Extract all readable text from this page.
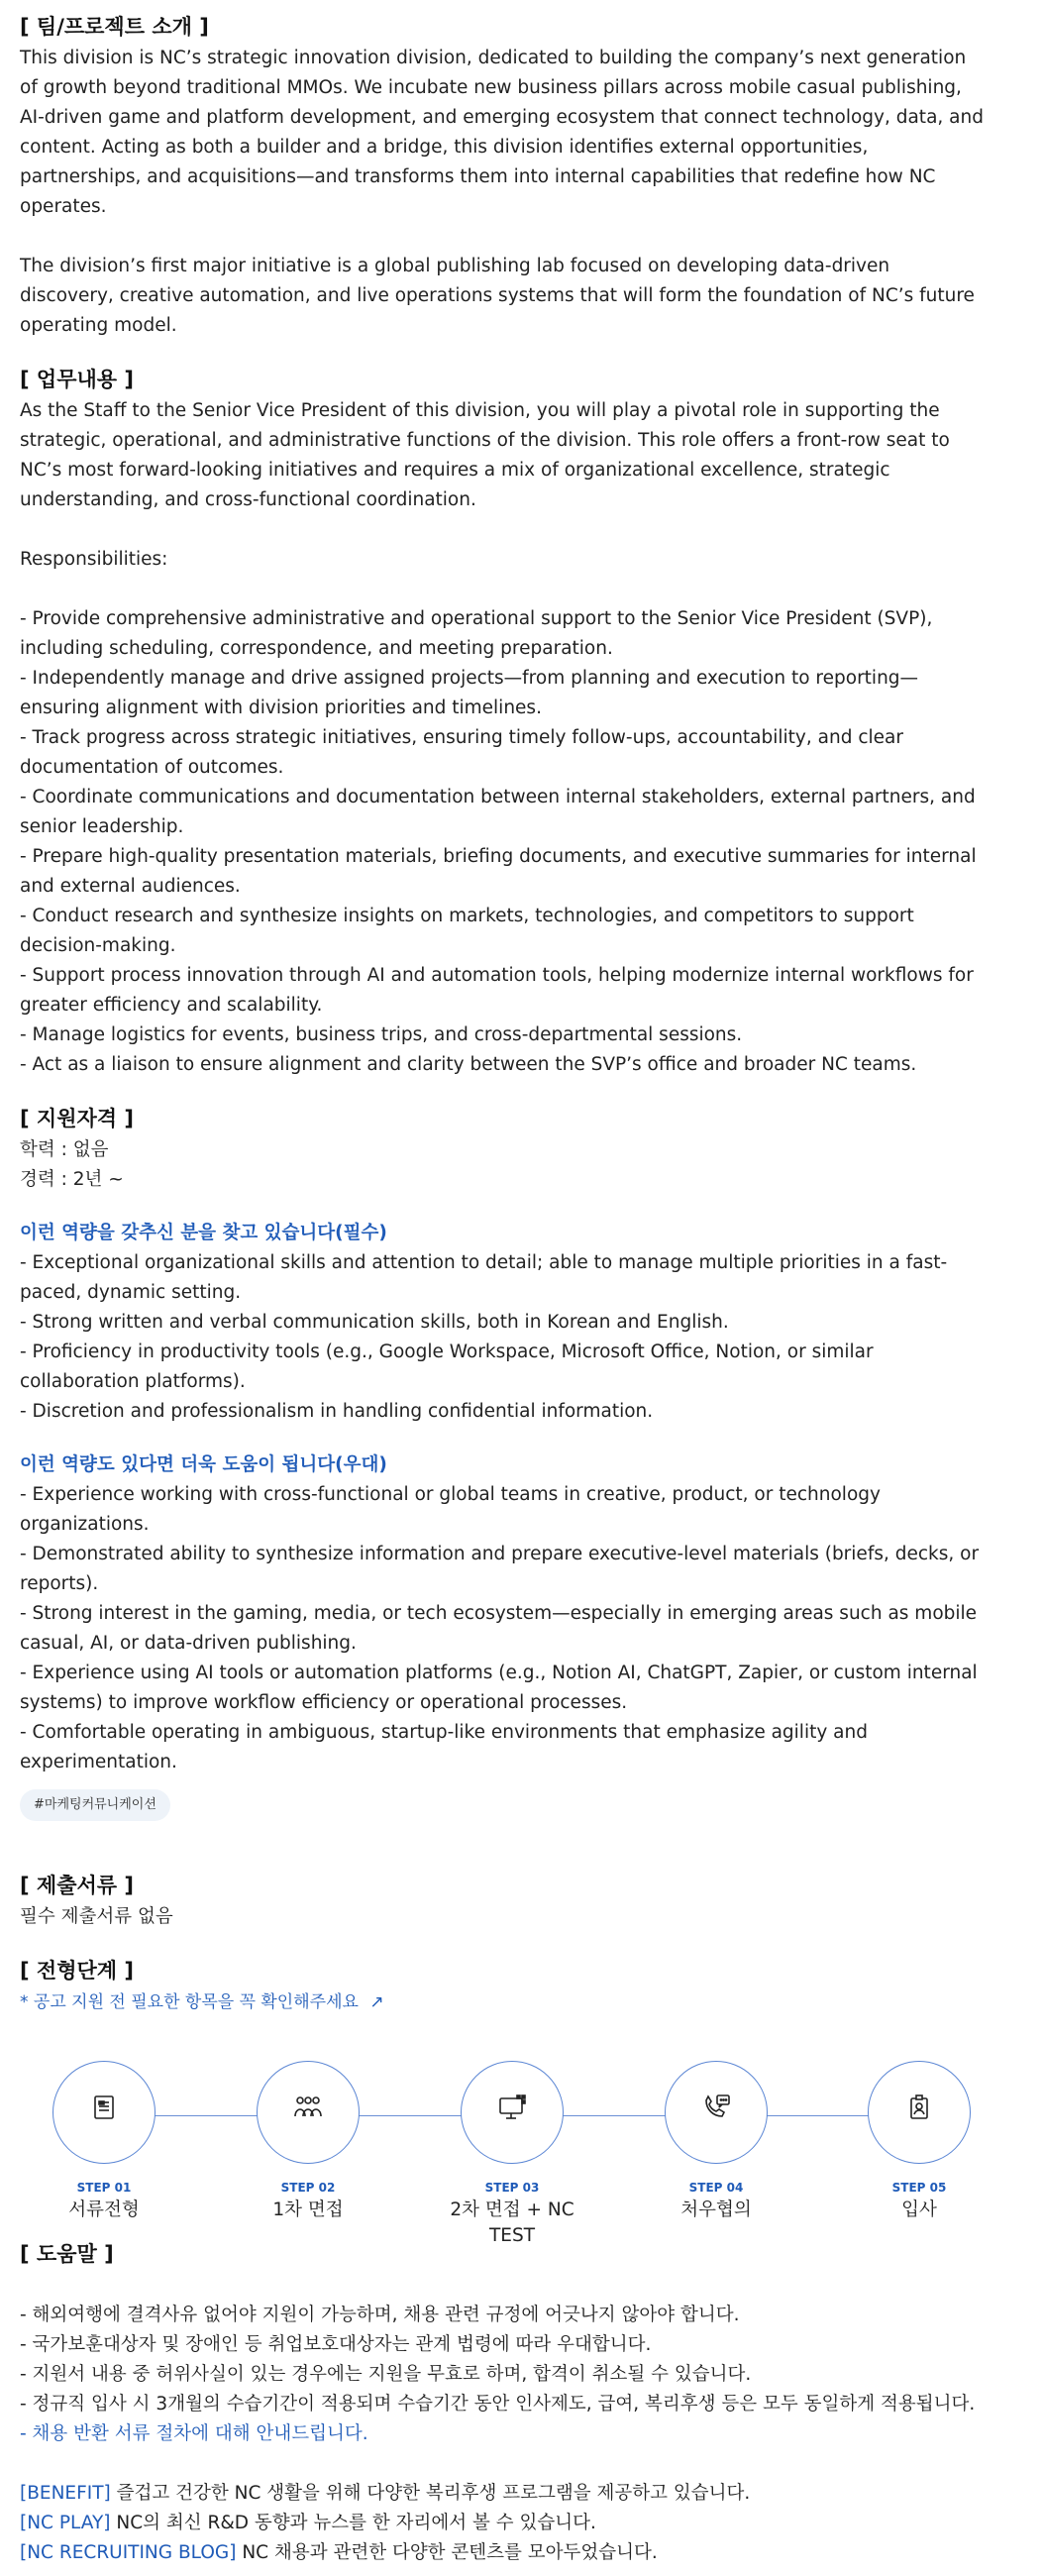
[ 팀/프로젝트 소개 ]

This division is NC’s strategic innovation division, dedicated to building the company’s next generation of growth beyond traditional MMOs. We incubate new business pillars across mobile casual publishing, AI-driven game and platform development, and emerging ecosystem that connect technology, data, and content. Acting as both a builder and a bridge, this division identifies external opportunities, partnerships, and acquisitions—and transforms them into internal capabilities that redefine how NC operates.

The division’s first major initiative is a global publishing lab focused on developing data-driven discovery, creative automation, and live operations systems that will form the foundation of NC’s future operating model.

[ 업무내용 ]

As the Staff to the Senior Vice President of this division, you will play a pivotal role in supporting the strategic, operational, and administrative functions of the division. This role offers a front-row seat to NC’s most forward-looking initiatives and requires a mix of organizational excellence, strategic understanding, and cross-functional coordination.

Responsibilities:

- Provide comprehensive administrative and operational support to the Senior Vice President (SVP), including scheduling, correspondence, and meeting preparation.

- Independently manage and drive assigned projects—from planning and execution to reporting—ensuring alignment with division priorities and timelines.

- Track progress across strategic initiatives, ensuring timely follow-ups, accountability, and clear documentation of outcomes.

- Coordinate communications and documentation between internal stakeholders, external partners, and senior leadership.

- Prepare high-quality presentation materials, briefing documents, and executive summaries for internal and external audiences.

- Conduct research and synthesize insights on markets, technologies, and competitors to support decision-making.

- Support process innovation through AI and automation tools, helping modernize internal workflows for greater efficiency and scalability.

- Manage logistics for events, business trips, and cross-departmental sessions.

- Act as a liaison to ensure alignment and clarity between the SVP’s office and broader NC teams.

[ 지원자격 ]

학력 : 없음

경력 : 2년 ~

이런 역량을 갖추신 분을 찾고 있습니다(필수)

- Exceptional organizational skills and attention to detail; able to manage multiple priorities in a fast-paced, dynamic setting.

- Strong written and verbal communication skills, both in Korean and English.

- Proficiency in productivity tools (e.g., Google Workspace, Microsoft Office, Notion, or similar collaboration platforms).

- Discretion and professionalism in handling confidential information.

이런 역량도 있다면 더욱 도움이 됩니다(우대)

- Experience working with cross-functional or global teams in creative, product, or technology organizations.

- Demonstrated ability to synthesize information and prepare executive-level materials (briefs, decks, or reports).

- Strong interest in the gaming, media, or tech ecosystem—especially in emerging areas such as mobile casual, AI, or data-driven publishing.

- Experience using AI tools or automation platforms (e.g., Notion AI, ChatGPT, Zapier, or custom internal systems) to improve workflow efficiency or operational processes.

- Comfortable operating in ambiguous, startup-like environments that emphasize agility and experimentation.

#마케팅커뮤니케이션
[ 제출서류 ]

필수 제출서류 없음

[ 전형단계 ]
* 공고 지원 전 필요한 항목을 꼭 확인해주세요 ↗
STEP 01
서류전형
STEP 02
1차 면접
STEP 03
2차 면접 + NC TEST
STEP 04
처우협의
STEP 05
입사
[ 도움말 ]

- 해외여행에 결격사유 없어야 지원이 가능하며, 채용 관련 규정에 어긋나지 않아야 합니다.

- 국가보훈대상자 및 장애인 등 취업보호대상자는 관계 법령에 따라 우대합니다.

- 지원서 내용 중 허위사실이 있는 경우에는 지원을 무효로 하며, 합격이 취소될 수 있습니다.

- 정규직 입사 시 3개월의 수습기간이 적용되며 수습기간 동안 인사제도, 급여, 복리후생 등은 모두 동일하게 적용됩니다.

- 채용 반환 서류 절차에 대해 안내드립니다.

[BENEFIT] 즐겁고 건강한 NC 생활을 위해 다양한 복리후생 프로그램을 제공하고 있습니다.

[NC PLAY] NC의 최신 R&D 동향과 뉴스를 한 자리에서 볼 수 있습니다.

[NC RECRUITING BLOG] NC 채용과 관련한 다양한 콘텐츠를 모아두었습니다.
